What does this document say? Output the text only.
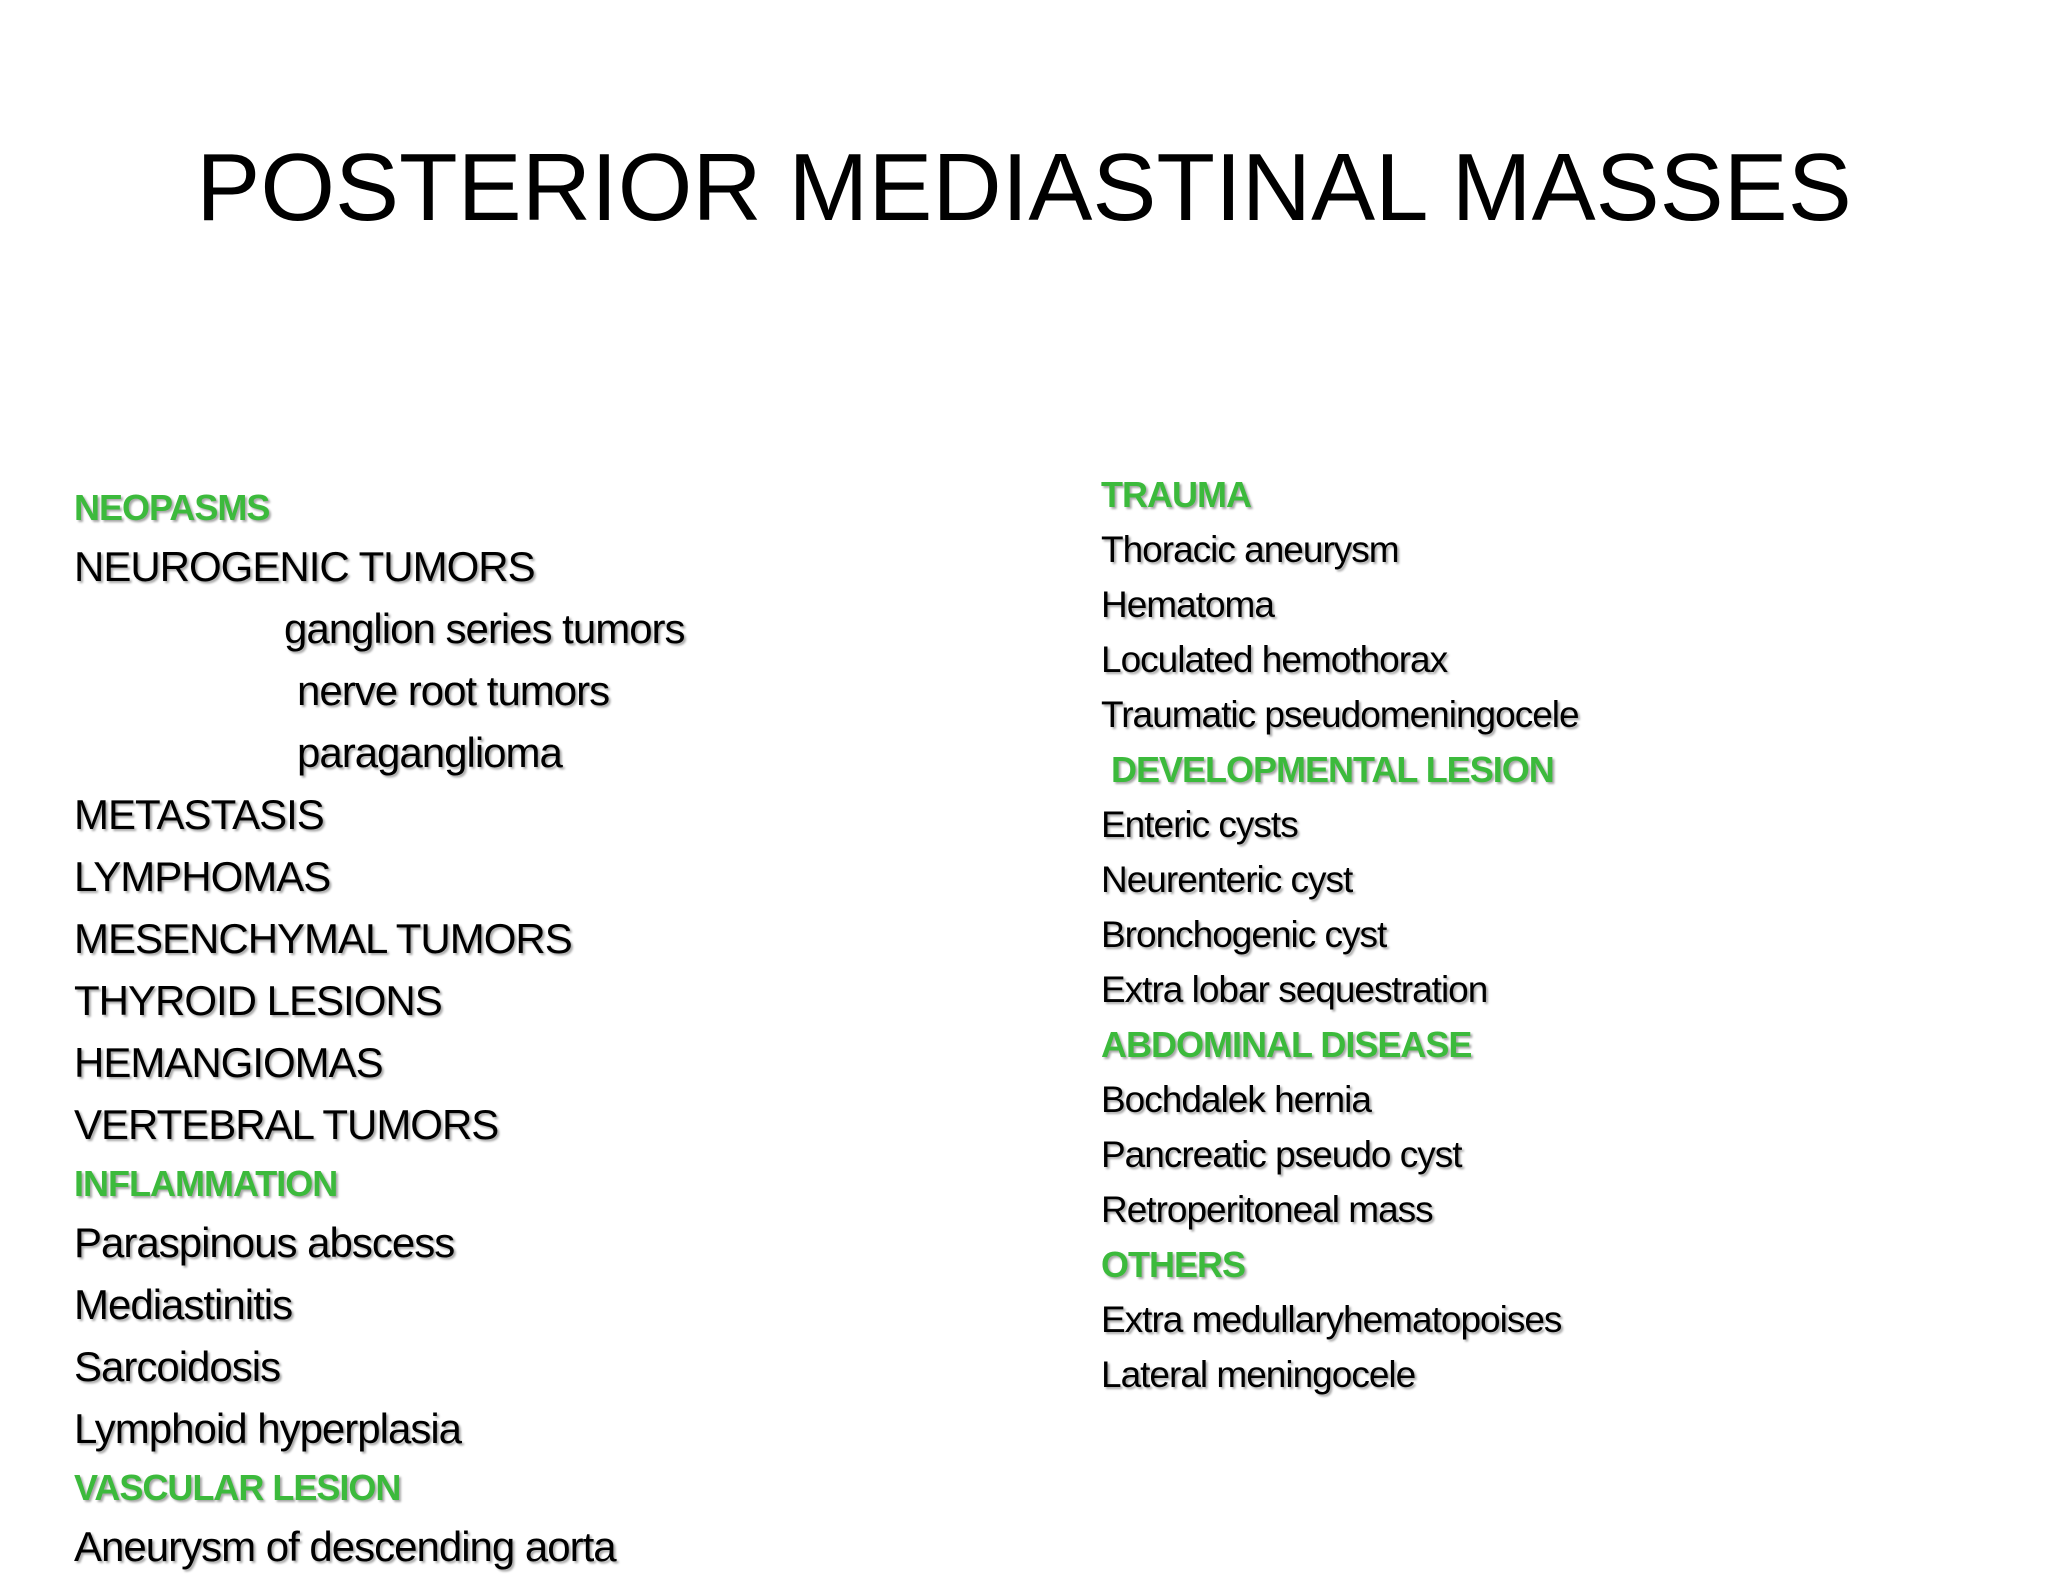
POSTERIOR MEDIASTINAL MASSES
NEOPASMS
NEUROGENIC TUMORS
ganglion series tumors
nerve root tumors
paraganglioma
METASTASIS
LYMPHOMAS
MESENCHYMAL TUMORS
THYROID LESIONS
HEMANGIOMAS
VERTEBRAL TUMORS
INFLAMMATION
Paraspinous abscess
Mediastinitis
Sarcoidosis
Lymphoid hyperplasia
VASCULAR LESION
Aneurysm of descending aorta
TRAUMA
Thoracic aneurysm
Hematoma
Loculated hemothorax
Traumatic pseudomeningocele
DEVELOPMENTAL LESION
Enteric cysts
Neurenteric cyst
Bronchogenic cyst
Extra lobar sequestration
ABDOMINAL DISEASE
Bochdalek hernia
Pancreatic pseudo cyst
Retroperitoneal mass
OTHERS
Extra medullaryhematopoises
Lateral meningocele
